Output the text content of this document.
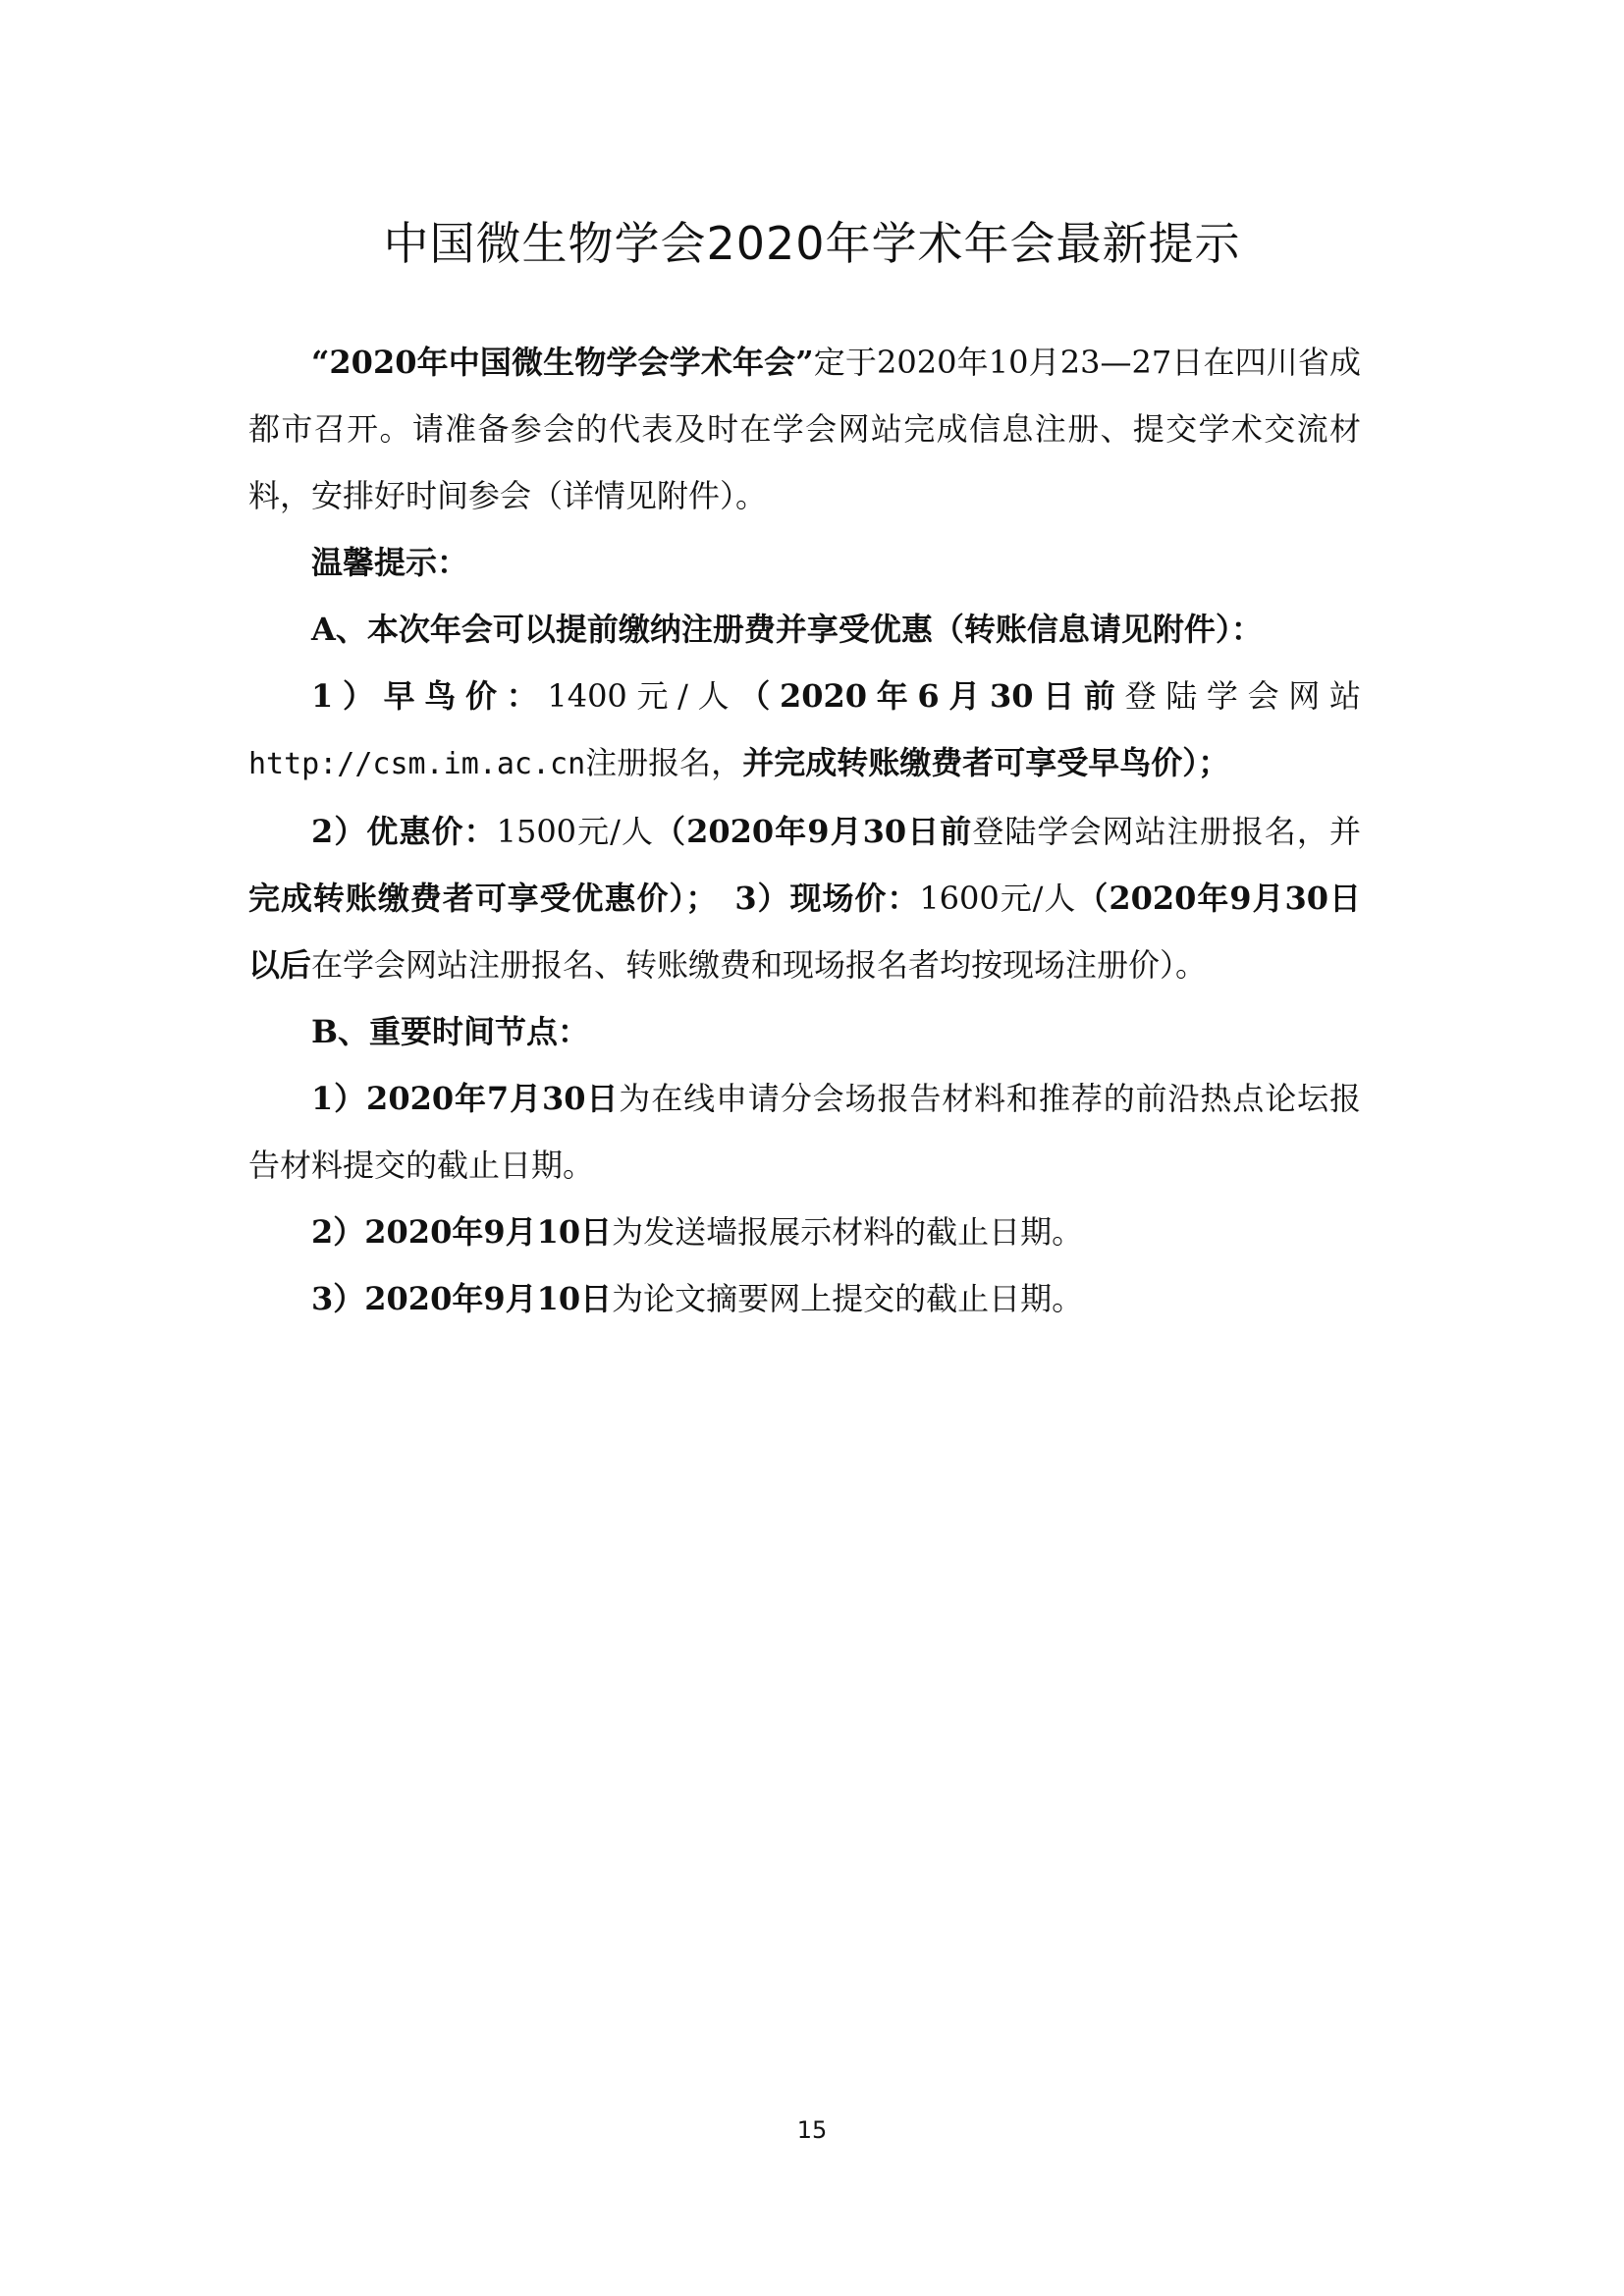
中国微生物学会2020年学术年会最新提示

“2020年中国微生物学会学术年会”定于2020年10月23—27日在四川省成都市召开。请准备参会的代表及时在学会网站完成信息注册、提交学术交流材料，安排好时间参会（详情见附件）。

温馨提示：

A、本次年会可以提前缴纳注册费并享受优惠（转账信息请见附件）：

1）早鸟价：1400元/人（2020年6月30日前登陆学会网站http://csm.im.ac.cn注册报名，并完成转账缴费者可享受早鸟价）；

2）优惠价：1500元/人（2020年9月30日前登陆学会网站注册报名，并完成转账缴费者可享受优惠价）；　 3）现场价：1600元/人（2020年9月30日以后在学会网站注册报名、转账缴费和现场报名者均按现场注册价）。

B、重要时间节点：

1）2020年7月30日为在线申请分会场报告材料和推荐的前沿热点论坛报告材料提交的截止日期。

2）2020年9月10日为发送墙报展示材料的截止日期。

3）2020年9月10日为论文摘要网上提交的截止日期。

15
